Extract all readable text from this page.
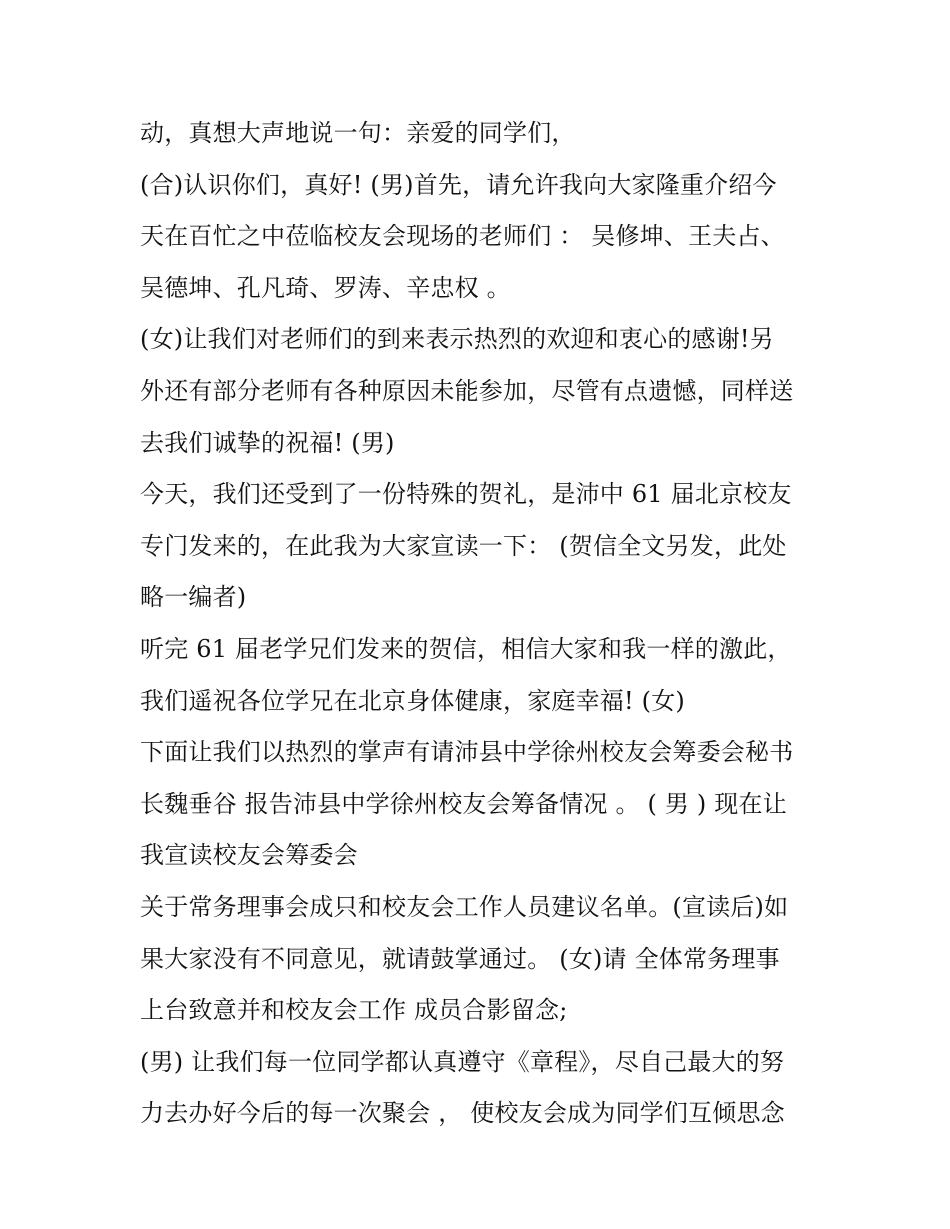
动，真想大声地说一句：亲爱的同学们，
(合)认识你们，真好! (男)首先，请允许我向大家隆重介绍今
天在百忙之中莅临校友会现场的老师们 ： 吴修坤、王夫占、
吴德坤、孔凡琦、罗涛、辛忠权 。
(女)让我们对老师们的到来表示热烈的欢迎和衷心的感谢!另
外还有部分老师有各种原因未能参加，尽管有点遗憾，同样送
去我们诚挚的祝福! (男)
今天，我们还受到了一份特殊的贺礼，是沛中 61 届北京校友
专门发来的，在此我为大家宣读一下： (贺信全文另发，此处
略一编者)
听完 61 届老学兄们发来的贺信，相信大家和我一样的激此，
我们遥祝各位学兄在北京身体健康，家庭幸福! (女)
下面让我们以热烈的掌声有请沛县中学徐州校友会筹委会秘书
长魏垂谷 报告沛县中学徐州校友会筹备情况 。 ( 男 ) 现在让
我宣读校友会筹委会
关于常务理事会成只和校友会工作人员建议名单。(宣读后)如
果大家没有不同意见，就请鼓掌通过。 (女)请 全体常务理事
上台致意并和校友会工作 成员合影留念;
(男) 让我们每一位同学都认真遵守《章程》，尽自己最大的努
力去办好今后的每一次聚会 ， 使校友会成为同学们互倾思念
